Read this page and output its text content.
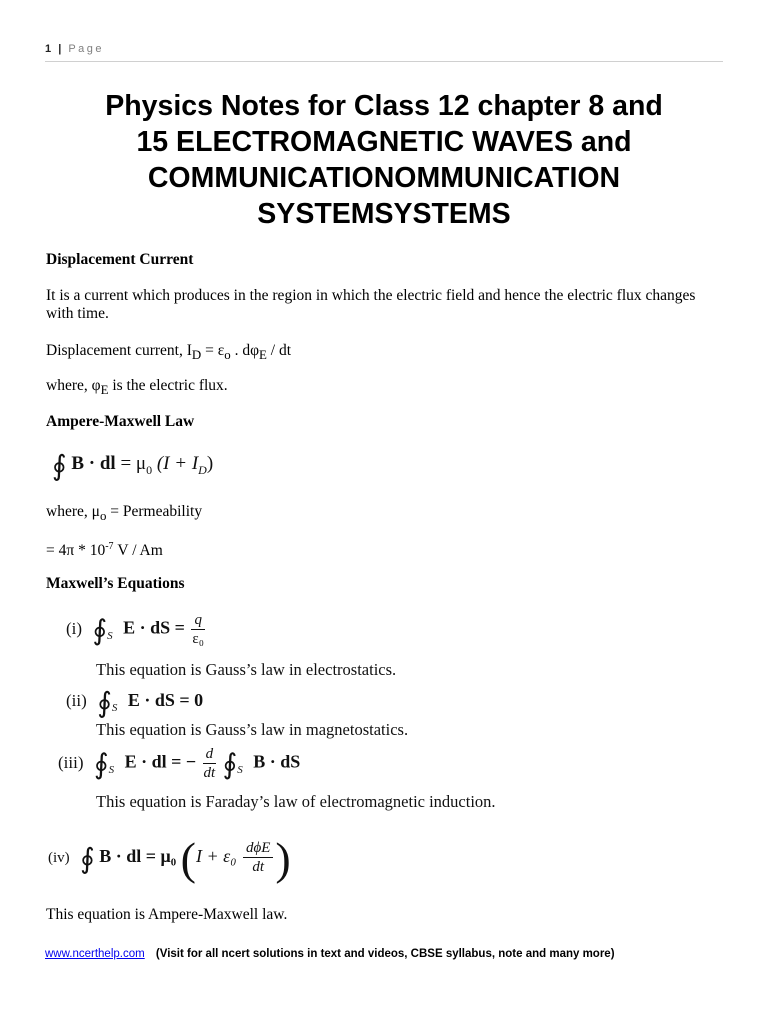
1 | Page
Physics Notes for Class 12 chapter 8 and
15 ELECTROMAGNETIC WAVES and
COMMUNICATIONOMMUNICATION
SYSTEMSYSTEMS
Displacement Current
It is a current which produces in the region in which the electric field and hence the electric flux changes with time.
Displacement current, $I_D = \varepsilon_o$ . $d\varphi_E$ / dt
where, $\varphi_E$ is the electric flux.
Ampere-Maxwell Law
∮ B · dl = $\mu_0$ $(I + I_D)$
where, $\mu_o$ = Permeability
= $4\pi * 10^{-7}$ V / Am
Maxwell’s Equations
(i) $∮_S$ E · dS = $\frac{q}{\text{ε₀}}$
This equation is Gauss’s law in electrostatics.
(ii) $∮_S$ E · dS = 0
This equation is Gauss’s law in magnetostatics.
(iii) $∮_S$ E · dl = − $\frac{d}{dt}$ $∮_S$ B · dS
This equation is Faraday’s law of electromagnetic induction.
(iv) ∮ B · dl = μ₀ ($I + \varepsilon_0 \frac{\text{dϕE}}{dt}$ )
This equation is Ampere-Maxwell law.
www.ncerthelp.com (Visit for all ncert solutions in text and videos, CBSE syllabus, note and many more)
